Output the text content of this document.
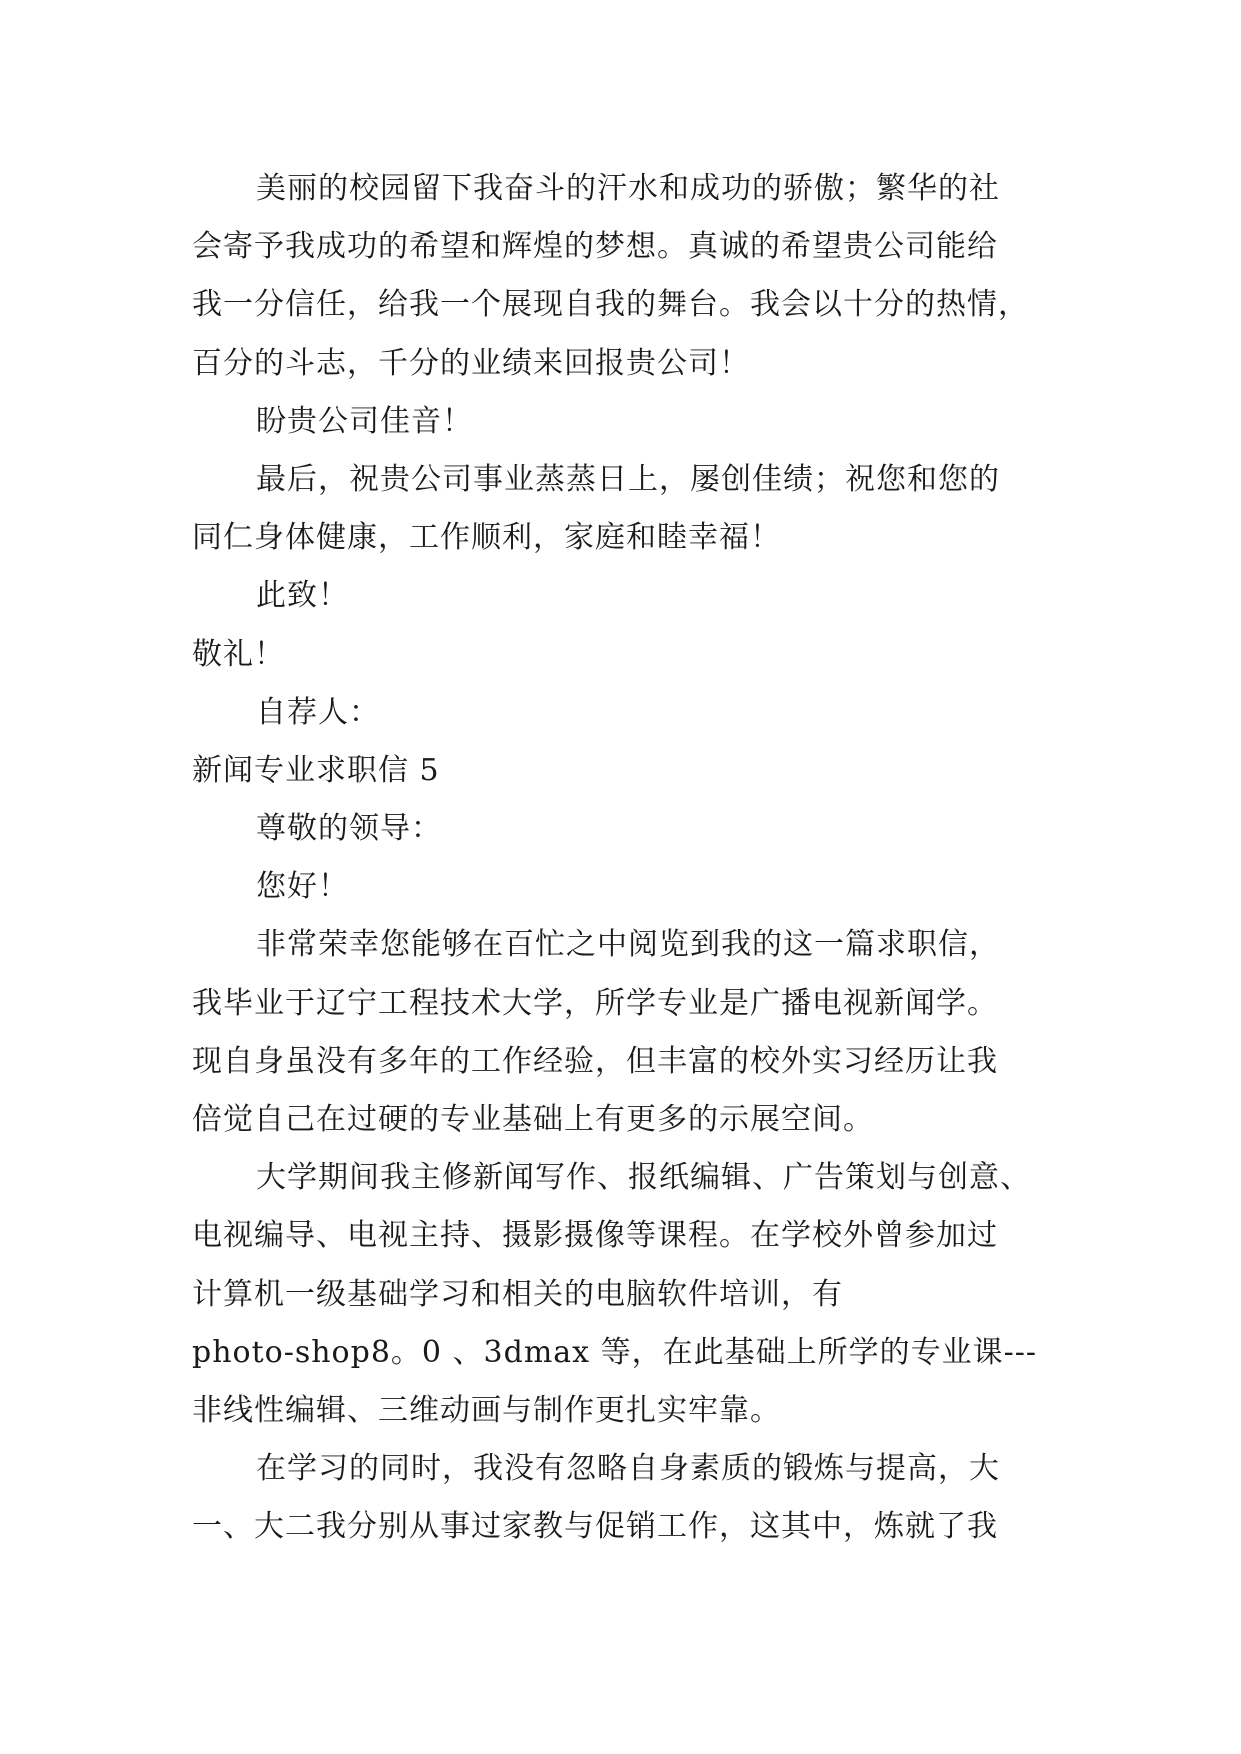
美丽的校园留下我奋斗的汗水和成功的骄傲；繁华的社
会寄予我成功的希望和辉煌的梦想。真诚的希望贵公司能给
我一分信任，给我一个展现自我的舞台。我会以十分的热情，
百分的斗志，千分的业绩来回报贵公司！
盼贵公司佳音！
最后，祝贵公司事业蒸蒸日上，屡创佳绩；祝您和您的
同仁身体健康，工作顺利，家庭和睦幸福！
此致！
敬礼！
自荐人：
新闻专业求职信 5
尊敬的领导：
您好！
非常荣幸您能够在百忙之中阅览到我的这一篇求职信，
我毕业于辽宁工程技术大学，所学专业是广播电视新闻学。
现自身虽没有多年的工作经验，但丰富的校外实习经历让我
倍觉自己在过硬的专业基础上有更多的示展空间。
大学期间我主修新闻写作、报纸编辑、广告策划与创意、
电视编导、电视主持、摄影摄像等课程。在学校外曾参加过
计算机一级基础学习和相关的电脑软件培训，有
photo-shop8。0 、3dmax 等，在此基础上所学的专业课---
非线性编辑、三维动画与制作更扎实牢靠。
在学习的同时，我没有忽略自身素质的锻炼与提高，大
一、大二我分别从事过家教与促销工作，这其中，炼就了我
